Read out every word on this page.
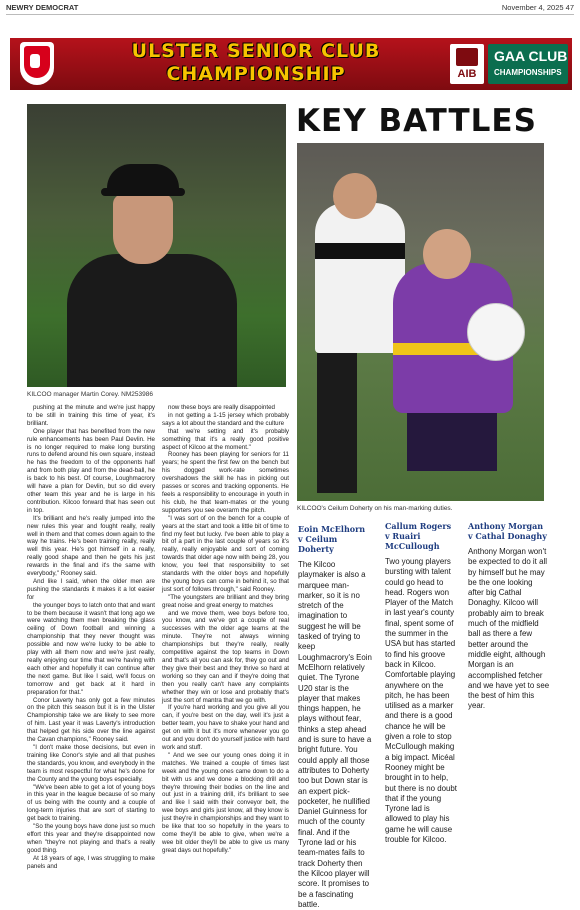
NEWRY DEMOCRAT	November 4, 2025 47
ULSTER SENIOR CLUB
CHAMPIONSHIP	AIB
GAA CLUB
CHAMPIONSHIPS
KILCOO manager Martin Corey. NM253986
KEY BATTLES
KILCOO's Ceilum Doherty on his man-marking duties.

pushing at the minute and we're just happy to be still in training this time of year, it's brilliant.

One player that has benefited from the new rule enhancements has been Paul Devlin. He is no longer required to make long bursting runs to defend around his own square, instead he has the freedom to of the opponents half and from both play and from the dead-ball, he is back to his best. Of course, Loughmacrory will have a plan for Devlin, but so did every other team this year and he is large in his contribution. Kilcoo forward that has seen out in top.

It's brilliant and he's really jumped into the new rules this year and fought really, really well in them and that comes down again to the way he trains. He's been training really, really well this year. He's got himself in a really, really good shape and then he gets his just rewards in the final and it's the same with everybody," Rooney said.

And like I said, when the older men are pushing the standards it makes it a lot easier for

the younger boys to latch onto that and want to be them because it wasn't that long ago we were watching them men breaking the glass ceiling of Down football and winning a championship that they never thought was possible and now we're lucky to be able to play with all them now and we're just really, really enjoying our time that we're having with each other and hopefully it can continue after the next game. But like I said, we'll focus on tomorrow and get back at it hard in preparation for that."

Conor Laverty has only got a few minutes on the pitch this season but it is in the Ulster Championship take we are likely to see more of him. Last year it was Laverty's introduction that helped get his side over the line against the Cavan champions," Rooney said.

"I don't make those decisions, but even in training like Conor's style and all that pushes the standards, you know, and everybody in the team is most respectful for what he's done for the County and the young boys especially.

"We've been able to get a lot of young boys in this year in the league because of so many of us being with the county and a couple of long-term injuries that are sort of starting to get back to training.

"So the young boys have done just so much effort this year and they're disappointed now when "they're not playing and that's a really good thing.

At 18 years of age, I was struggling to make panels and

now these boys are really disappointed

in not getting a 1-15 jersey which probably says a lot about the standard and the culture

that we're setting and it's probably something that it's a really good positive aspect of Kilcoo at the moment."

Rooney has been playing for seniors for 11 years; he spent the first few on the bench but his dogged work-rate sometimes overshadows the skill he has in picking out passes or scores and tracking opponents. He feels a responsibility to encourage in youth in his club, he that team-mates or the young supporters you see overarm the pitch.

"I was sort of on the bench for a couple of years at the start and took a little bit of time to find my feet but lucky. I've been able to play a bit of a part in the last couple of years so it's really, really enjoyable and sort of coming towards that older age now with being 28, you know, you feel that responsibility to set standards with the older boys and hopefully the young boys can come in behind it, so that just sort of follows through," said Rooney.

"The youngsters are brilliant and they bring great noise and great energy to matches

and we move them, wee boys before too, you know, and we've got a couple of real successes with the older age teams at the minute. They're not always winning championships but they're really, really competitive against the top teams in Down and that's all you can ask for, they go out and they give their best and they thrive so hard at working so they can and if they're doing that then you really can't have any complaints whether they win or lose and probably that's just the sort of mantra that we go with.

If you're hard working and you give all you can, if you're best on the day, well it's just a better team, you have to shake your hand and get on with it but it's more whenever you go out and you don't do yourself justice with hard work and stuff.

" And we see our young ones doing it in matches. We trained a couple of times last week and the young ones came down to do a bit with us and we done a blocking drill and they're throwing their bodies on the line and out just in a training drill, it's brilliant to see and like I said with their conveyor belt, the wee boys and girls just know, all they know is just they're in championships and they want to be like that too so hopefully in the years to come they'll be able to give, when we're a wee bit older they'll be able to give us many great days out hopefully."

Eoin McElhorn v Ceilum Doherty

The Kilcoo playmaker is also a marquee man-marker, so it is no stretch of the imagination to suggest he will be tasked of trying to keep Loughmacrory's Eoin McElhorn relatively quiet. The Tyrone U20 star is the player that makes things happen, he plays without fear, thinks a step ahead and is sure to have a bright future. You could apply all those attributes to Doherty too but Down star is an expert pick-pocketer, he nullified Daniel Guinness for much of the county final. And if the Tyrone lad or his team-mates fails to track Doherty then the Kilcoo player will score. It promises to be a fascinating battle.

Callum Rogers v Ruairi McCullough

Two young players bursting with talent could go head to head. Rogers won Player of the Match in last year's county final, spent some of the summer in the USA but has started to find his groove back in Kilcoo. Comfortable playing anywhere on the pitch, he has been utilised as a marker and there is a good chance he will be given a role to stop McCullough making a big impact. Micéal Rooney might be brought in to help, but there is no doubt that if the young Tyrone lad is allowed to play his game he will cause trouble for Kilcoo.

Anthony Morgan v Cathal Donaghy

Anthony Morgan won't be expected to do it all by himself but he may be the one looking after big Cathal Donaghy. Kilcoo will probably aim to break much of the midfield ball as there a few better around the middle eight, although Morgan is an accomplished fetcher and we have yet to see the best of him this year.
